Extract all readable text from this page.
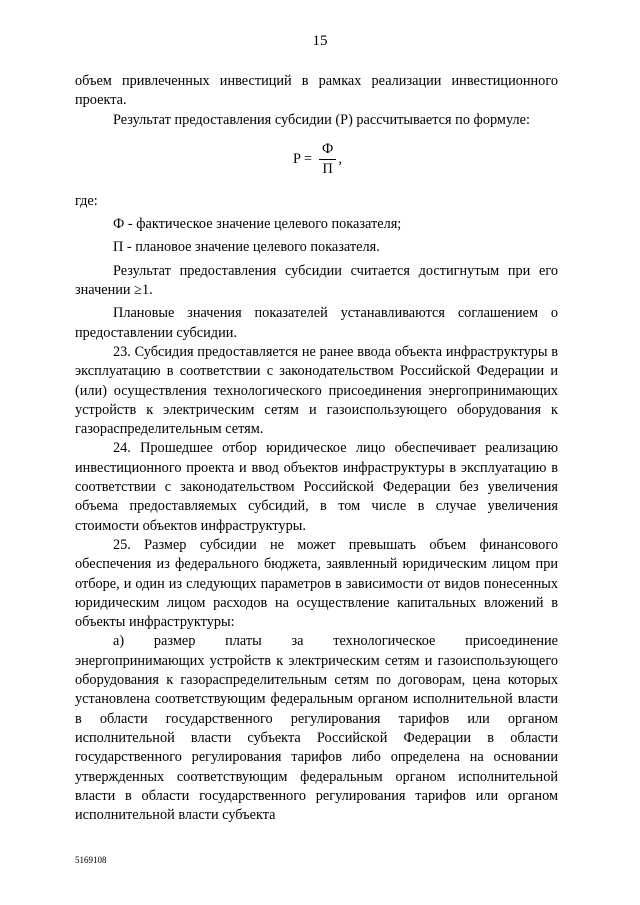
15

объем привлеченных инвестиций в рамках реализации инвестиционного проекта.

Результат предоставления субсидии (Р) рассчитывается по формуле:

$Р = \frac{Ф}{П}$ ,

где:

Ф - фактическое значение целевого показателя;

П - плановое значение целевого показателя.

Результат предоставления субсидии считается достигнутым при его значении ≥1.

Плановые значения показателей устанавливаются соглашением о предоставлении субсидии.

23. Субсидия предоставляется не ранее ввода объекта инфраструктуры в эксплуатацию в соответствии с законодательством Российской Федерации и (или) осуществления технологического присоединения энергопринимающих устройств к электрическим сетям и газоиспользующего оборудования к газораспределительным сетям.

24. Прошедшее отбор юридическое лицо обеспечивает реализацию инвестиционного проекта и ввод объектов инфраструктуры в эксплуатацию в соответствии с законодательством Российской Федерации без увеличения объема предоставляемых субсидий, в том числе в случае увеличения стоимости объектов инфраструктуры.

25. Размер субсидии не может превышать объем финансового обеспечения из федерального бюджета, заявленный юридическим лицом при отборе, и один из следующих параметров в зависимости от видов понесенных юридическим лицом расходов на осуществление капитальных вложений в объекты инфраструктуры:

а) размер платы за технологическое присоединение энергопринимающих устройств к электрическим сетям и газоиспользующего оборудования к газораспределительным сетям по договорам, цена которых установлена соответствующим федеральным органом исполнительной власти в области государственного регулирования тарифов или органом исполнительной власти субъекта Российской Федерации в области государственного регулирования тарифов либо определена на основании утвержденных соответствующим федеральным органом исполнительной власти в области государственного регулирования тарифов или органом исполнительной власти субъекта

5169108
